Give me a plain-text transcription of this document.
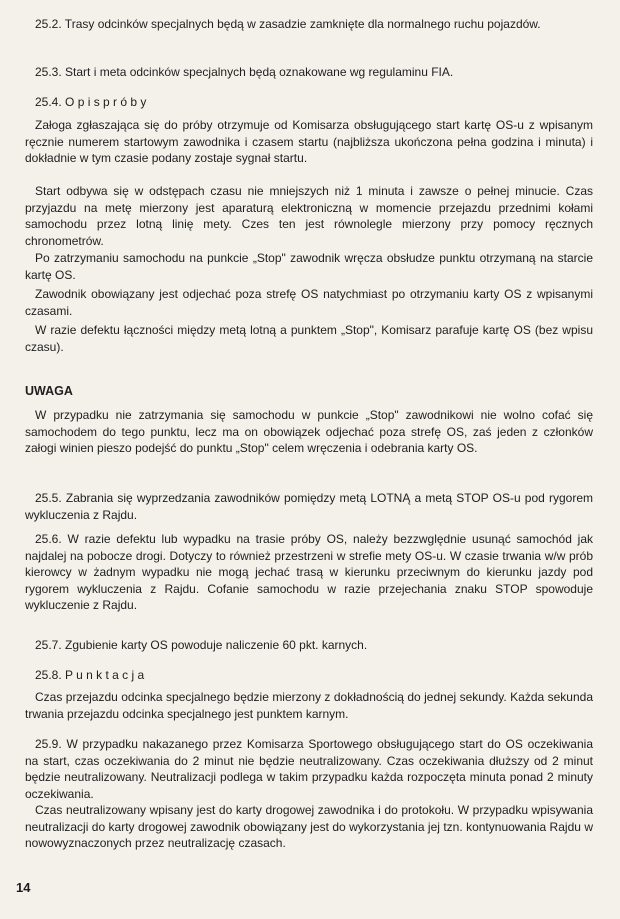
25.2. Trasy odcinków specjalnych będą w zasadzie zamknięte dla normalnego ruchu pojazdów.

25.3. Start i meta odcinków specjalnych będą oznakowane wg regulaminu FIA.

25.4. O p i s p r ó b y

Załoga zgłaszająca się do próby otrzymuje od Komisarza obsługującego start kartę OS-u z wpisanym ręcznie numerem startowym zawodnika i czasem startu (najbliższa ukończona pełna godzina i minuta) i dokładnie w tym czasie podany zostaje sygnał startu.

Start odbywa się w odstępach czasu nie mniejszych niż 1 minuta i zawsze o pełnej minucie. Czas przyjazdu na metę mierzony jest aparaturą elektroniczną w momencie przejazdu przednimi kołami samochodu przez lotną linię mety. Czes ten jest równolegle mierzony przy pomocy ręcznych chronometrów.

Po zatrzymaniu samochodu na punkcie „Stop" zawodnik wręcza obsłudze punktu otrzymaną na starcie kartę OS.

Zawodnik obowiązany jest odjechać poza strefę OS natychmiast po otrzymaniu karty OS z wpisanymi czasami.

W razie defektu łączności między metą lotną a punktem „Stop", Komisarz parafuje kartę OS (bez wpisu czasu).

UWAGA

W przypadku nie zatrzymania się samochodu w punkcie „Stop" zawodnikowi nie wolno cofać się samochodem do tego punktu, lecz ma on obowiązek odjechać poza strefę OS, zaś jeden z członków załogi winien pieszo podejść do punktu „Stop" celem wręczenia i odebrania karty OS.

25.5. Zabrania się wyprzedzania zawodników pomiędzy metą LOTNĄ a metą STOP OS-u pod rygorem wykluczenia z Rajdu.

25.6. W razie defektu lub wypadku na trasie próby OS, należy bezzwględnie usunąć samochód jak najdalej na pobocze drogi. Dotyczy to również przestrzeni w strefie mety OS-u. W czasie trwania w/w prób kierowcy w żadnym wypadku nie mogą jechać trasą w kierunku przeciwnym do kierunku jazdy pod rygorem wykluczenia z Rajdu. Cofanie samochodu w razie przejechania znaku STOP spowoduje wykluczenie z Rajdu.

25.7. Zgubienie karty OS powoduje naliczenie 60 pkt. karnych.

25.8. P u n k t a c j a

Czas przejazdu odcinka specjalnego będzie mierzony z dokładnością do jednej sekundy. Każda sekunda trwania przejazdu odcinka specjalnego jest punktem karnym.

25.9. W przypadku nakazanego przez Komisarza Sportowego obsługującego start do OS oczekiwania na start, czas oczekiwania do 2 minut nie będzie neutralizowany. Czas oczekiwania dłuższy od 2 minut będzie neutralizowany. Neutralizacji podlega w takim przypadku każda rozpoczęta minuta ponad 2 minuty oczekiwania.

Czas neutralizowany wpisany jest do karty drogowej zawodnika i do protokołu. W przypadku wpisywania neutralizacji do karty drogowej zawodnik obowiązany jest do wykorzystania jej tzn. kontynuowania Rajdu w nowowyznaczonych przez neutralizację czasach.

14
